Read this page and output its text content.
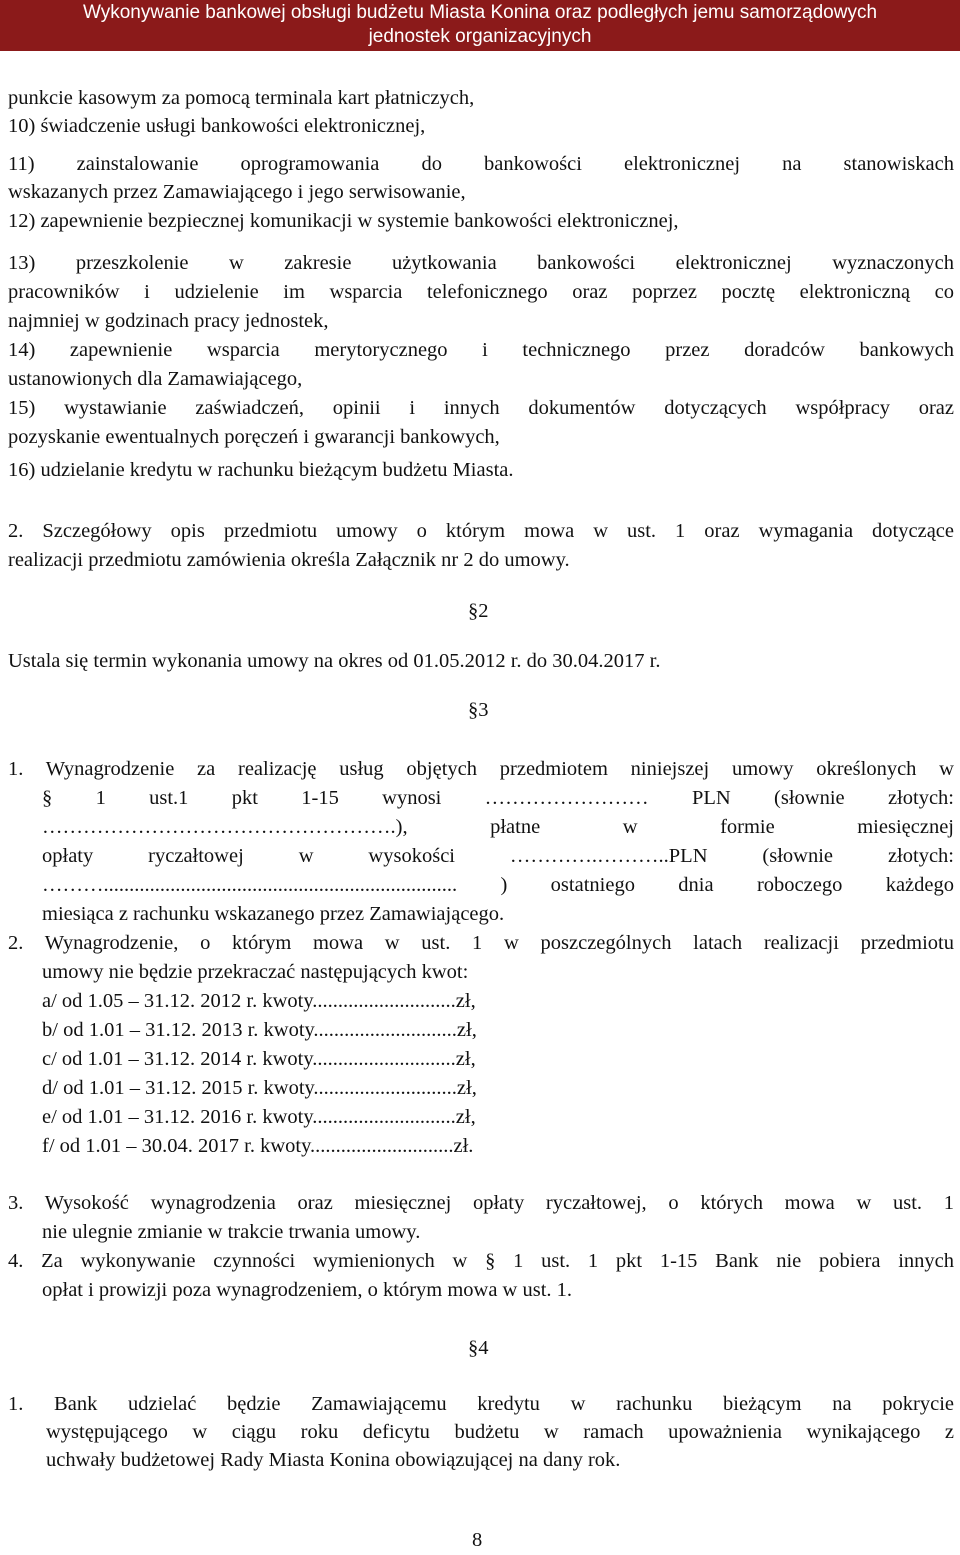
Wykonywanie bankowej obsługi budżetu Miasta Konina oraz podległych jemu samorządowych
jednostek organizacyjnych
punkcie kasowym za pomocą terminala kart płatniczych,
10) świadczenie usługi bankowości elektronicznej,
11) zainstalowanie oprogramowania do bankowości elektronicznej na stanowiskach
wskazanych przez Zamawiającego i jego serwisowanie,
12) zapewnienie bezpiecznej komunikacji w systemie bankowości elektronicznej,
13) przeszkolenie w zakresie użytkowania bankowości elektronicznej wyznaczonych
pracowników i udzielenie im wsparcia telefonicznego oraz poprzez pocztę elektroniczną co
najmniej w godzinach pracy jednostek,
14) zapewnienie wsparcia merytorycznego i technicznego przez doradców bankowych
ustanowionych dla Zamawiającego,
15) wystawianie zaświadczeń, opinii i innych dokumentów dotyczących współpracy oraz
pozyskanie ewentualnych poręczeń i gwarancji bankowych,
16) udzielanie kredytu w rachunku bieżącym budżetu Miasta.
2. Szczegółowy opis przedmiotu umowy o którym mowa w ust. 1 oraz wymagania dotyczące
realizacji przedmiotu zamówienia określa Załącznik nr 2 do umowy.
§2
Ustala się termin wykonania umowy na okres od 01.05.2012 r. do 30.04.2017 r.
§3
1. Wynagrodzenie za realizację usług objętych przedmiotem niniejszej umowy określonych w
§ 1 ust.1 pkt 1-15 wynosi …………………… PLN (słownie złotych:
…………………………………………….), płatne w formie miesięcznej
opłaty ryczałtowej w wysokości ………….………..PLN (słownie złotych:
………..................................................................... ) ostatniego dnia roboczego każdego
miesiąca z rachunku wskazanego przez Zamawiającego.
2. Wynagrodzenie, o którym mowa w ust. 1 w poszczególnych latach realizacji przedmiotu
umowy nie będzie przekraczać następujących kwot:
a/ od 1.05 – 31.12. 2012 r. kwoty............................zł,
b/ od 1.01 – 31.12. 2013 r. kwoty............................zł,
c/ od 1.01 – 31.12. 2014 r. kwoty............................zł,
d/ od 1.01 – 31.12. 2015 r. kwoty............................zł,
e/ od 1.01 – 31.12. 2016 r. kwoty............................zł,
f/ od 1.01 – 30.04. 2017 r. kwoty............................zł.
3. Wysokość wynagrodzenia oraz miesięcznej opłaty ryczałtowej, o których mowa w ust. 1
nie ulegnie zmianie w trakcie trwania umowy.
4. Za wykonywanie czynności wymienionych w § 1 ust. 1 pkt 1-15 Bank nie pobiera innych
opłat i prowizji poza wynagrodzeniem, o którym mowa w ust. 1.
§4
1. Bank udzielać będzie Zamawiającemu kredytu w rachunku bieżącym na pokrycie
występującego w ciągu roku deficytu budżetu w ramach upoważnienia wynikającego z
uchwały budżetowej Rady Miasta Konina obowiązującej na dany rok.
8
